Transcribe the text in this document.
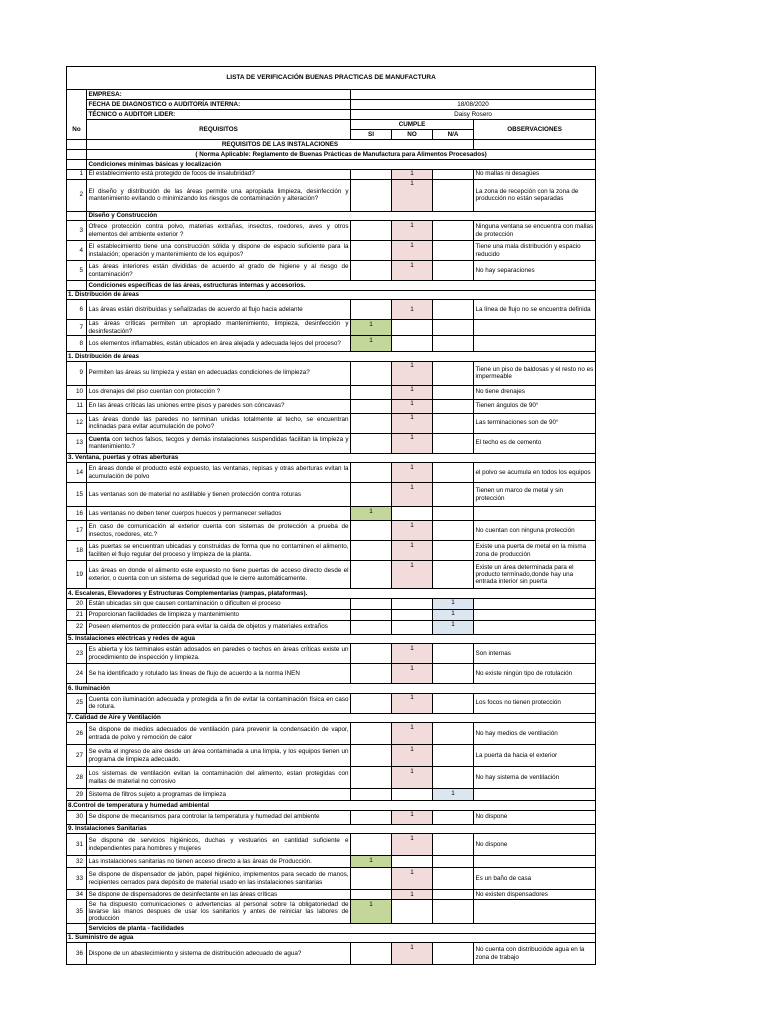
LISTA DE VERIFICACIÓN BUENAS PRACTICAS DE MANUFACTURA					
	EMPRESA:				
	FECHA DE DIAGNOSTICO o AUDITORÍA INTERNA:	18/08/2020			
	TÉCNICO o AUDITOR LIDER:	Daisy Rosero			
No	REQUISITOS	CUMPLE			OBSERVACIONES
		SI	NO	N/A	
	REQUISITOS DE LAS INSTALACIONES				
	( Norma Aplicable: Reglamento de Buenas Prácticas de Manufactura para Alimentos Procesados)				
	Condiciones mínimas básicas y localización				
1	El establecimiento está protegido de focos de insalubridad?		1		No mallas ni desagües
2	El diseño y distribución de las áreas permite una apropiada limpieza, desinfección y mantenimiento evitando o minimizando los riesgos de contaminación y alteración?		1		La zona de recepción con la zona de producción no están separadas
	Diseño y Construcción				
3	Ofrece protección contra polvo, materias extrañas, insectos, roedores, aves y otros elementos del ambiente exterior ?		1		Ninguna ventana se encuentra con mallas de protección
4	El establecimiento tiene una construcción sólida y dispone de espacio suficiente para la instalación; operación y mantenimiento de los equipos?		1		Tiene una mala distribución y espacio reducido
5	Las áreas interiores están divididas de acuerdo al grado de higiene y al riesgo de contaminación?		1		No hay separaciones
	Condiciones específicas de las áreas, estructuras internas y accesorios.				
1. Distribución de áreas					
6	Las áreas están distribuidas y señalizadas de acuerdo al flujo hacia adelante		1		La línea de flujo no se encuentra definida
7	Las áreas críticas permiten un apropiado mantenimiento, limpieza, desinfección y desinfestación?	1			
8	Los elementos inflamables, están ubicados en área alejada y adecuada lejos del proceso?	1			
1. Distribución de áreas					
9	Permiten las áreas su limpieza y estan en adecuadas condiciones de limpieza?		1		Tiene un piso de baldosas y el resto no es impermeable
10	Los drenajes del piso cuentan con protección ?		1		No tiene drenajes
11	En las áreas críticas las uniones entre pisos y paredes son cóncavas?		1		Tienen ángulos de 90°
12	Las áreas donde las paredes no terminan unidas totalmente al techo, se encuentran inclinadas para evitar acumulación de polvo?		1		Las terminaciones son de 90°
13	Cuenta con techos falsos, tecgos y demás instalaciones suspendidas facilitan la limpieza y mantenimiento.?		1		El techo es de cemento
3. Ventana, puertas y otras aberturas					
14	En áreas donde el producto esté expuesto, las ventanas, repisas y otras aberturas evitan la acumulación de polvo		1		el polvo se acumula en todos los equipos
15	Las ventanas son de material no astillable y tienen protección contra roturas		1		Tienen un marco de metal y sin protección
16	Las ventanas no deben tener cuerpos huecos y permanecer sellados	1			
17	En caso de comunicación al exterior cuenta con sistemas de protección a prueba de insectos, roedores, etc.?		1		No cuentan con ninguna protección
18	Las puertas se encuentran ubicadas y construidas de forma que no contaminen el alimento, faciliten el flujo regular del proceso y limpieza de la planta.		1		Existe una puerta de metal en la misma zona de producción
19	Las áreas en donde el alimento este expuesto no tiene puertas de acceso directo desde el exterior, o cuenta con un sistema de seguridad que le cierre automáticamente.		1		Existe un área determinada para el producto terminado,donde hay una entrada interior sin puerta
4. Escaleras, Elevadores y Estructuras Complementarias (rampas, plataformas).					
20	Están ubicadas sin que causen contaminación o dificulten el proceso			1	
21	Proporcionan facilidades de limpieza y mantenimiento			1	
22	Poseen elementos de protección para evitar la caída de objetos y materiales extraños			1	
5. Instalaciones eléctricas y redes de agua					
23	Es abierta y los terminales están adosados en paredes o techos en áreas críticas existe un procedimiento de inspección y limpieza.		1		Son internas
24	Se ha identificado y rotulado las líneas de flujo de acuerdo a la norma INEN		1		No existe ningún tipo de rotulación
6. Iluminación					
25	Cuenta con iluminación adecuada y protegida a fin de evitar la contaminación física en caso de rotura.		1		Los focos no tienen protección
7. Calidad de Aire y Ventilación					
26	Se dispone de medios adecuados de ventilación para prevenir la condensación de vapor, entrada de polvo y remoción de calor		1		No hay medios de ventilación
27	Se evita el ingreso de aire desde un área contaminada a una limpia, y los equipos tienen un programa de limpieza adecuado.		1		La puerta da hacia el exterior
28	Los sistemas de ventilación evitan la contaminación del alimento, estan protegidas con mallas de material no corrosivo		1		No hay sistema de ventilación
29	Sistema de filtros sujeto a programas de limpieza			1	
8.Control de temperatura y humedad ambiental					
30	Se dispone de mecanismos para controlar la temperatura y humedad del ambiente		1		No dispone
9. Instalaciones Sanitarias					
31	Se dispone de servicios higiénicos, duchas y vestuarios en cantidad suficiente e independientes para hombres y mujeres		1		No dispone
32	Las instalaciones sanitarias no tienen acceso directo a las áreas de Producción.	1			
33	Se dispone de dispensador de jabón, papel higiénico, implementos para secado de manos, recipientes cerrados para depósito de material usado en las instalaciones sanitarias		1		Es un baño de casa
34	Se dispone de dispensadores de desinfectante en las áreas críticas		1		No existen dispensadores
35	Se ha dispuesto comunicaciones o advertencias al personal sobre la obligatoriedad de lavarse las manos despues de usar los sanitarios y antes de reiniciar las labores de producción	1			
	Servicios de planta - facilidades				
1. Suministro de agua					
36	Dispone de un abastecimiento y sistema de distribución adecuado de agua?		1		No cuenta con distribucióde agua en la zona de trabajo
